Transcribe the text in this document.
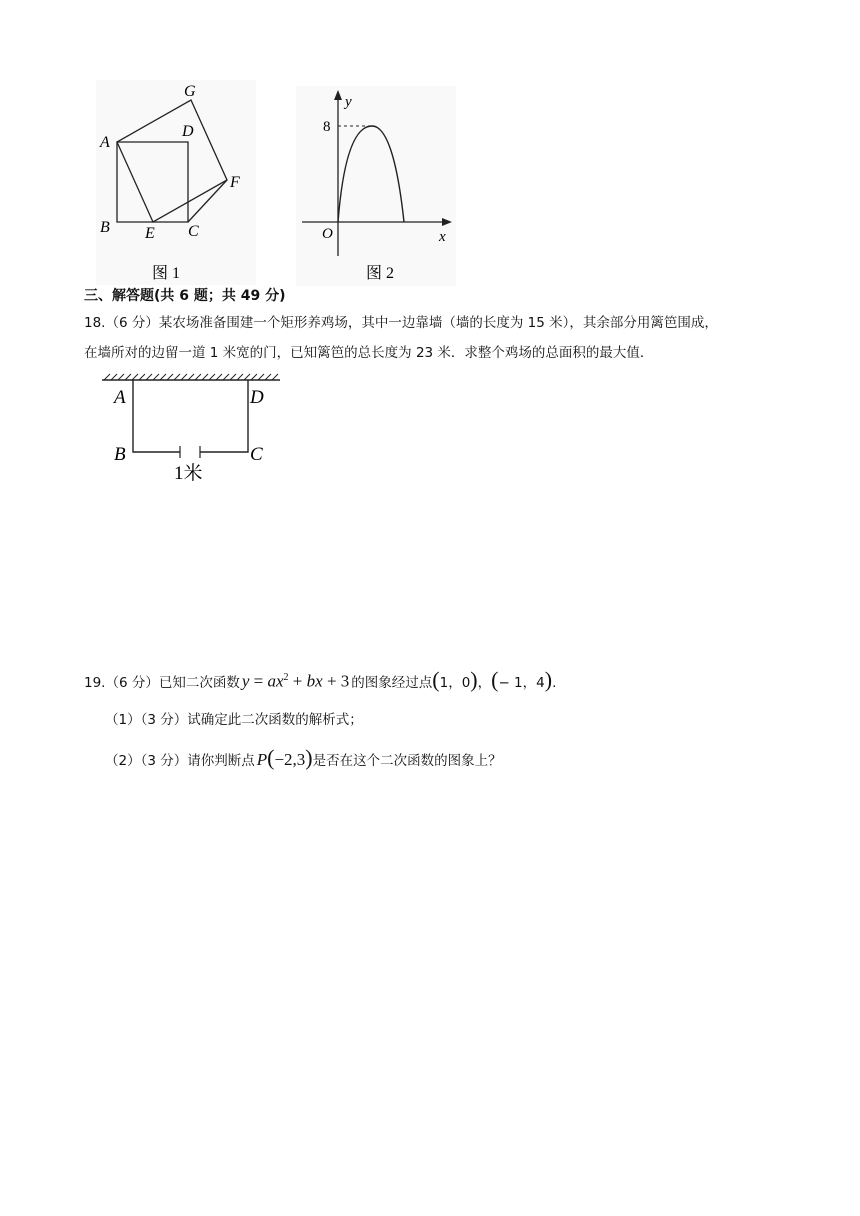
G
A
D
F
B E C
图 1
y
x
O
8
图 2
三、解答题(共 6 题；共 49 分)
18.（6 分）某农场准备围建一个矩形养鸡场，其中一边靠墙（墙的长度为 15 米），其余部分用篱笆围成，
在墙所对的边留一道 1 米宽的门，已知篱笆的总长度为 23 米．求整个鸡场的总面积的最大值．
A	D
B	C
1米
19.（6 分）已知二次函数 $y = ax^2$ + bx + 3 的图象经过点 ( 1，0 ) ， ( − 1，4 ) .
（1）（3 分）试确定此二次函数的解析式；
（2）（3 分）请你判断点 P(−2,3) 是否在这个二次函数的图象上？
